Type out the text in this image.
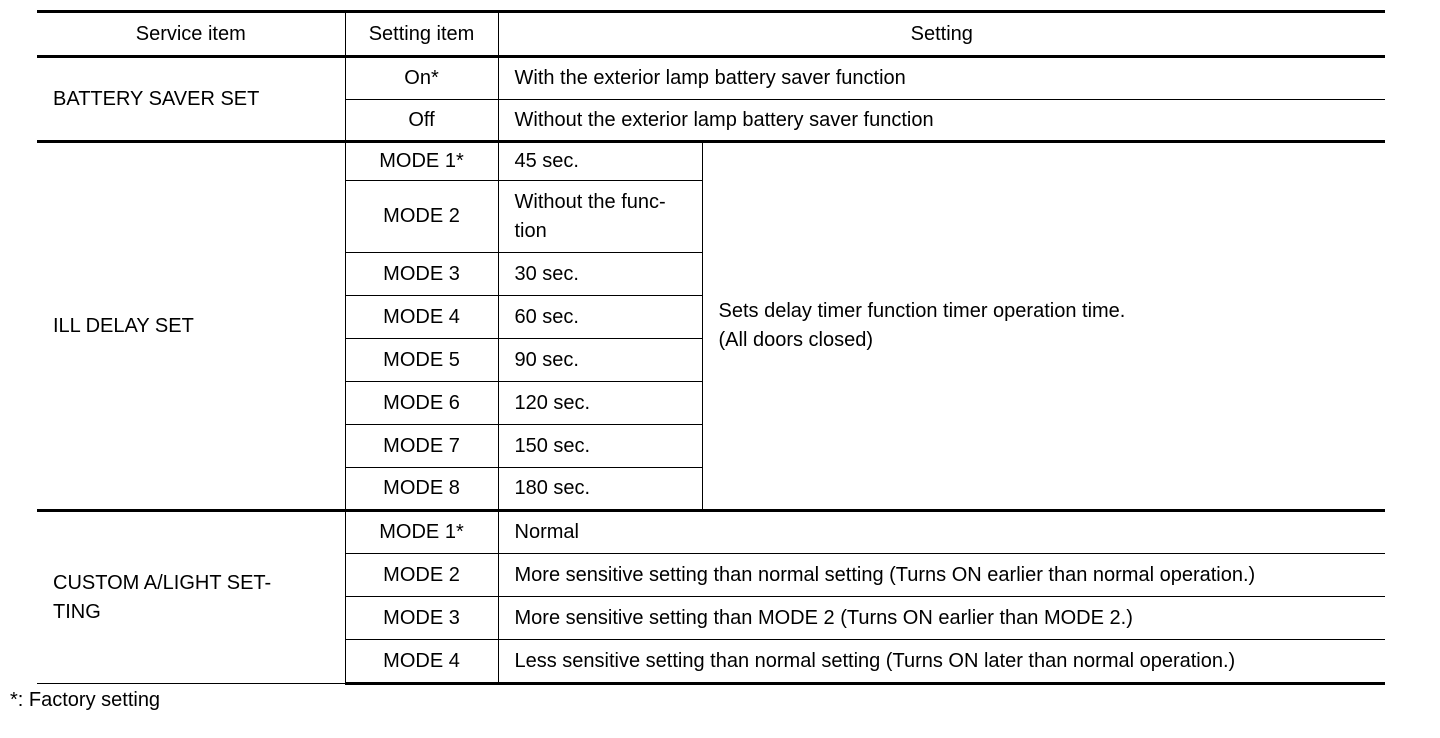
Service item	Setting item	Setting	
BATTERY SAVER SET	On*	With the exterior lamp battery saver function	
	Off	Without the exterior lamp battery saver function	
ILL DELAY SET	MODE 1*	45 sec.	Sets delay timer function timer operation time.
(All doors closed)

	MODE 2	Without the func-
tion	
	MODE 3	30 sec.	
	MODE 4	60 sec.	
	MODE 5	90 sec.	
	MODE 6	120 sec.	
	MODE 7	150 sec.	
	MODE 8	180 sec.	

CUSTOM A/LIGHT SET-
TING	MODE 1*	Normal	
	MODE 2	More sensitive setting than normal setting (Turns ON earlier than normal operation.)	
	MODE 3	More sensitive setting than MODE 2 (Turns ON earlier than MODE 2.)	
	MODE 4	Less sensitive setting than normal setting (Turns ON later than normal operation.)	
*: Factory setting
